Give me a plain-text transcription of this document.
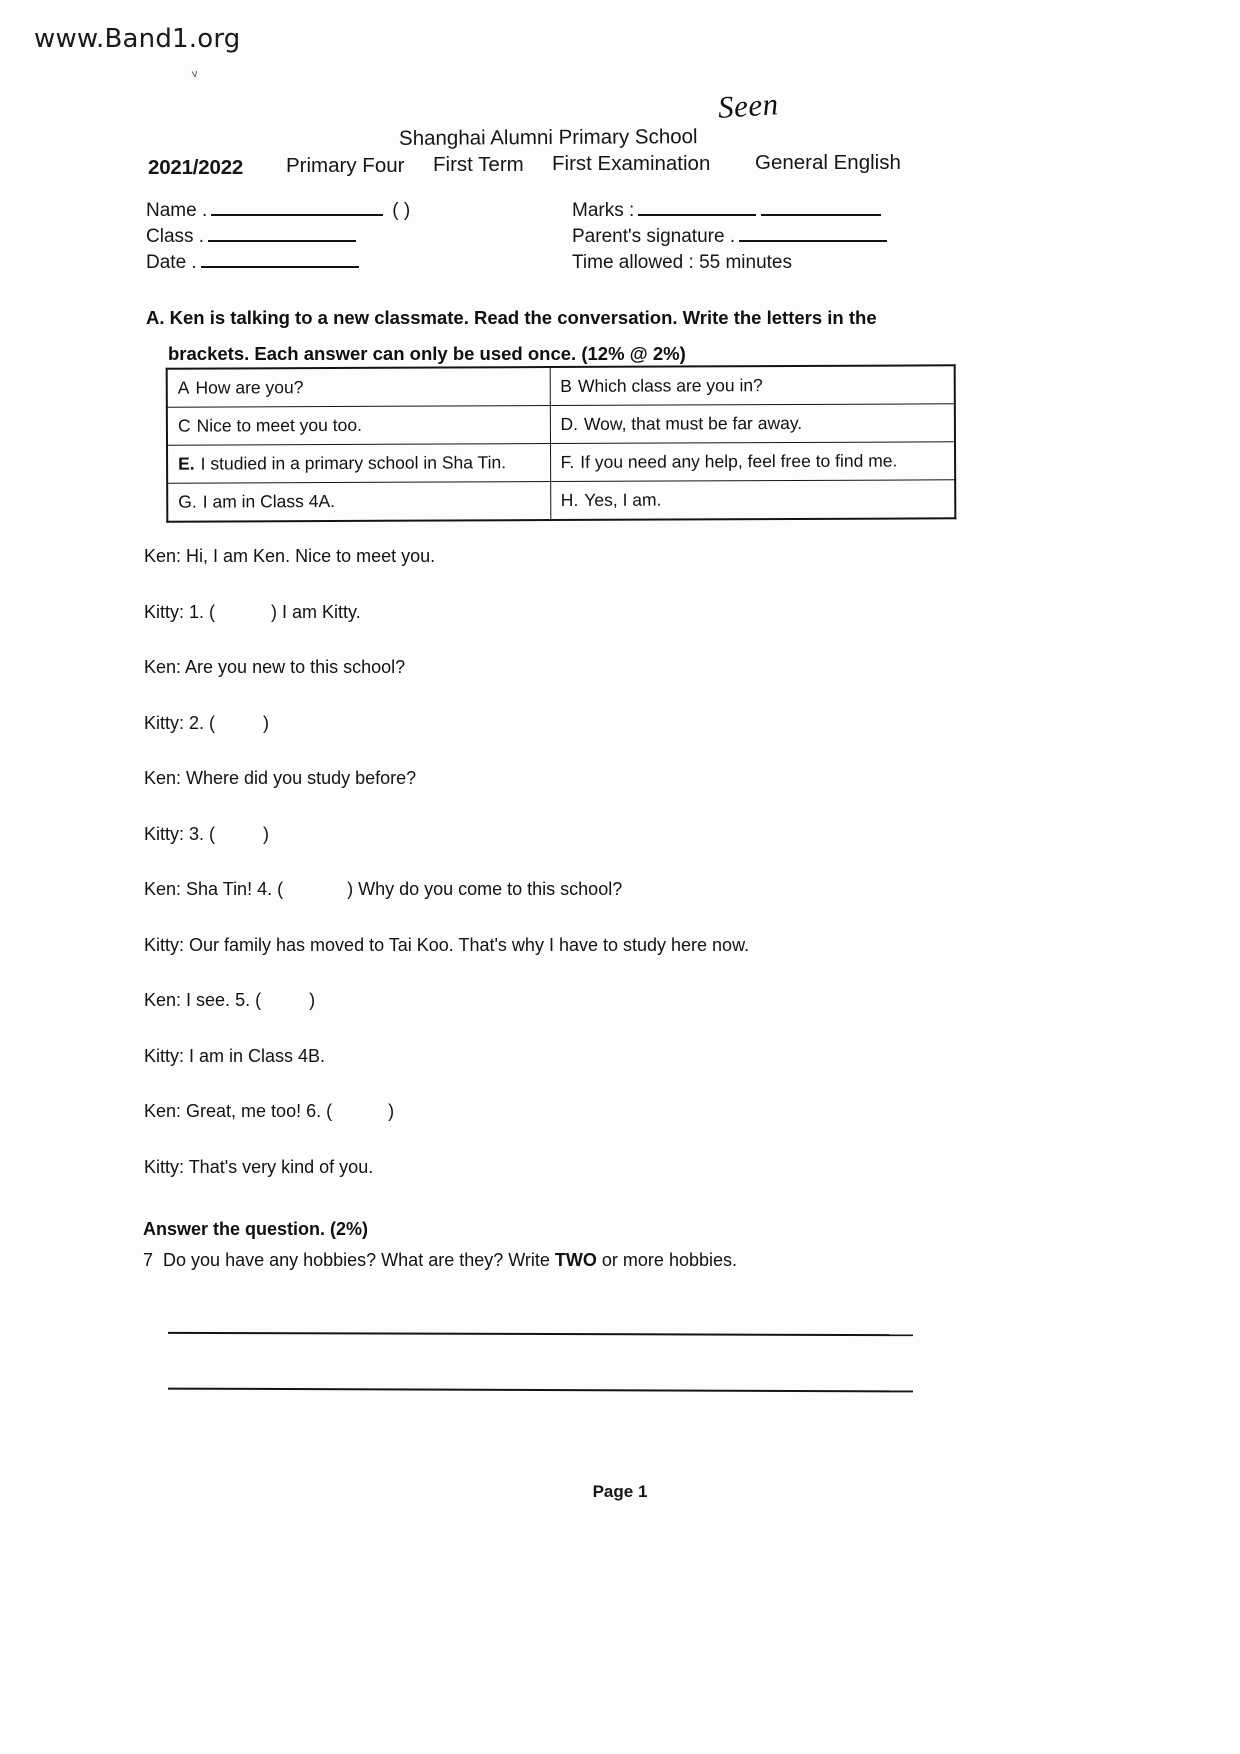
www.Band1.org
v
Seen
Shanghai Alumni Primary School
2021/2022 Primary Four First Term First Examination General English
Name .	( )
Class .
Date .
Marks :
Parent's signature .
Time allowed : 55 minutes
A. Ken is talking to a new classmate. Read the conversation. Write the letters in the
brackets. Each answer can only be used once. (12% @ 2%)
A How are you?	B Which class are you in?
C Nice to meet you too.	D. Wow, that must be far away.
E. I studied in a primary school in Sha Tin.	F. If you need any help, feel free to find me.
G. I am in Class 4A.	H. Yes, I am.
Ken: Hi, I am Ken. Nice to meet you.
Kitty: 1. (	) I am Kitty.
Ken: Are you new to this school?
Kitty: 2. (	)
Ken: Where did you study before?
Kitty: 3. (	)
Ken: Sha Tin! 4. (	) Why do you come to this school?
Kitty: Our family has moved to Tai Koo. That's why I have to study here now.
Ken: I see. 5. (	)
Kitty: I am in Class 4B.
Ken: Great, me too! 6. (	)
Kitty: That's very kind of you.
Answer the question. (2%)
7 Do you have any hobbies? What are they? Write TWO or more hobbies.
Page 1
